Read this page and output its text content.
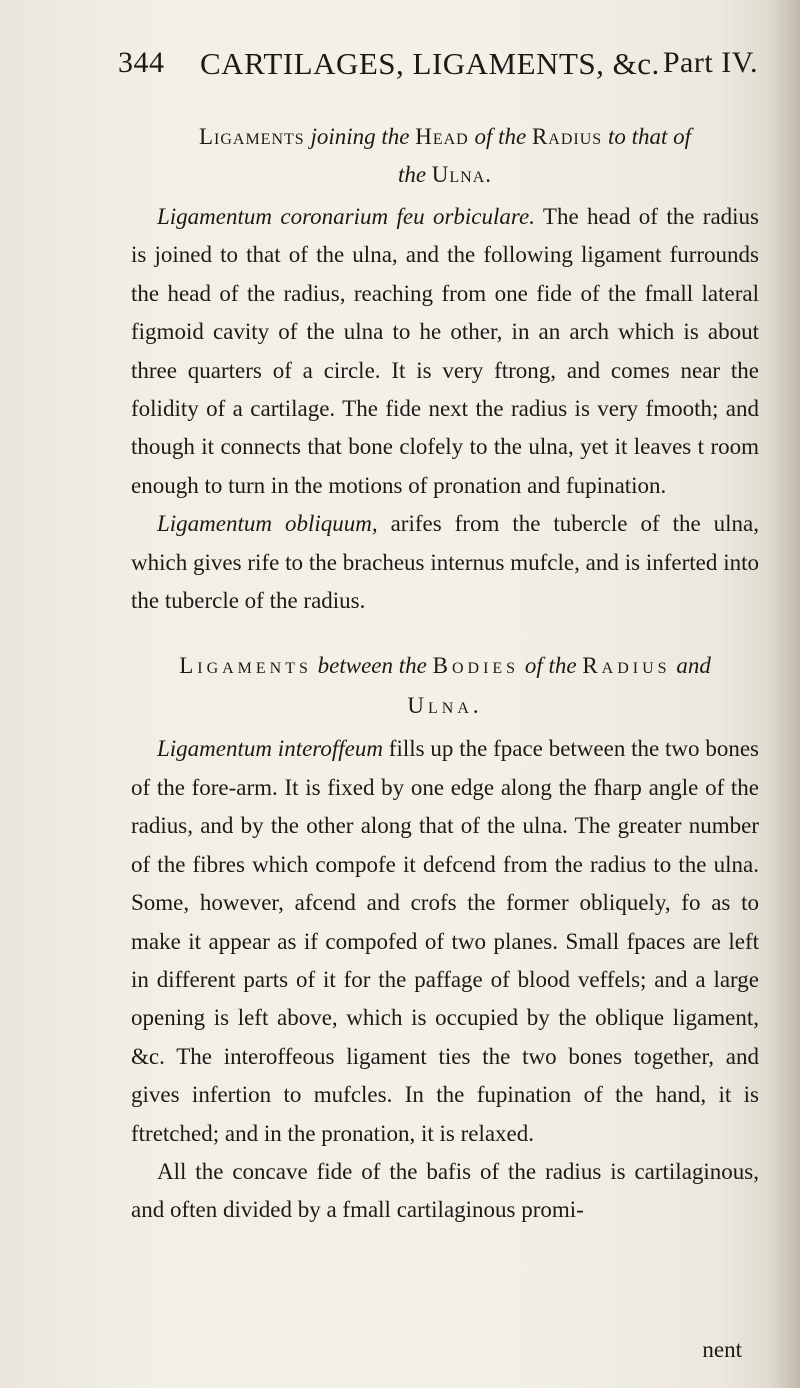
344 CARTILAGES, LIGAMENTS, &c. Part IV.
Ligaments joining the Head of the Radius to that of
the Ulna.

Ligamentum coronarium feu orbiculare. The head of the radius is joined to that of the ulna, and the following ligament furrounds the head of the radius, reaching from one fide of the fmall lateral figmoid cavity of the ulna to he other, in an arch which is about three quarters of a circle. It is very ftrong, and comes near the folidity of a cartilage. The fide next the radius is very fmooth; and though it connects that bone clofely to the ulna, yet it leaves t room enough to turn in the motions of pronation and fupination.

Ligamentum obliquum, arifes from the tubercle of the ulna, which gives rife to the bracheus internus mufcle, and is inferted into the tubercle of the radius.

Ligaments between the Bodies of the Radius and
Ulna.

Ligamentum interoffeum fills up the fpace between the two bones of the fore-arm. It is fixed by one edge along the fharp angle of the radius, and by the other along that of the ulna. The greater number of the fibres which compofe it defcend from the radius to the ulna. Some, however, afcend and crofs the former obliquely, fo as to make it appear as if compofed of two planes. Small fpaces are left in different parts of it for the paffage of blood veffels; and a large opening is left above, which is occupied by the oblique ligament, &c. The interoffeous ligament ties the two bones together, and gives infertion to mufcles. In the fupination of the hand, it is ftretched; and in the pronation, it is relaxed.

All the concave fide of the bafis of the radius is cartilaginous, and often divided by a fmall cartilaginous promi-

nent
